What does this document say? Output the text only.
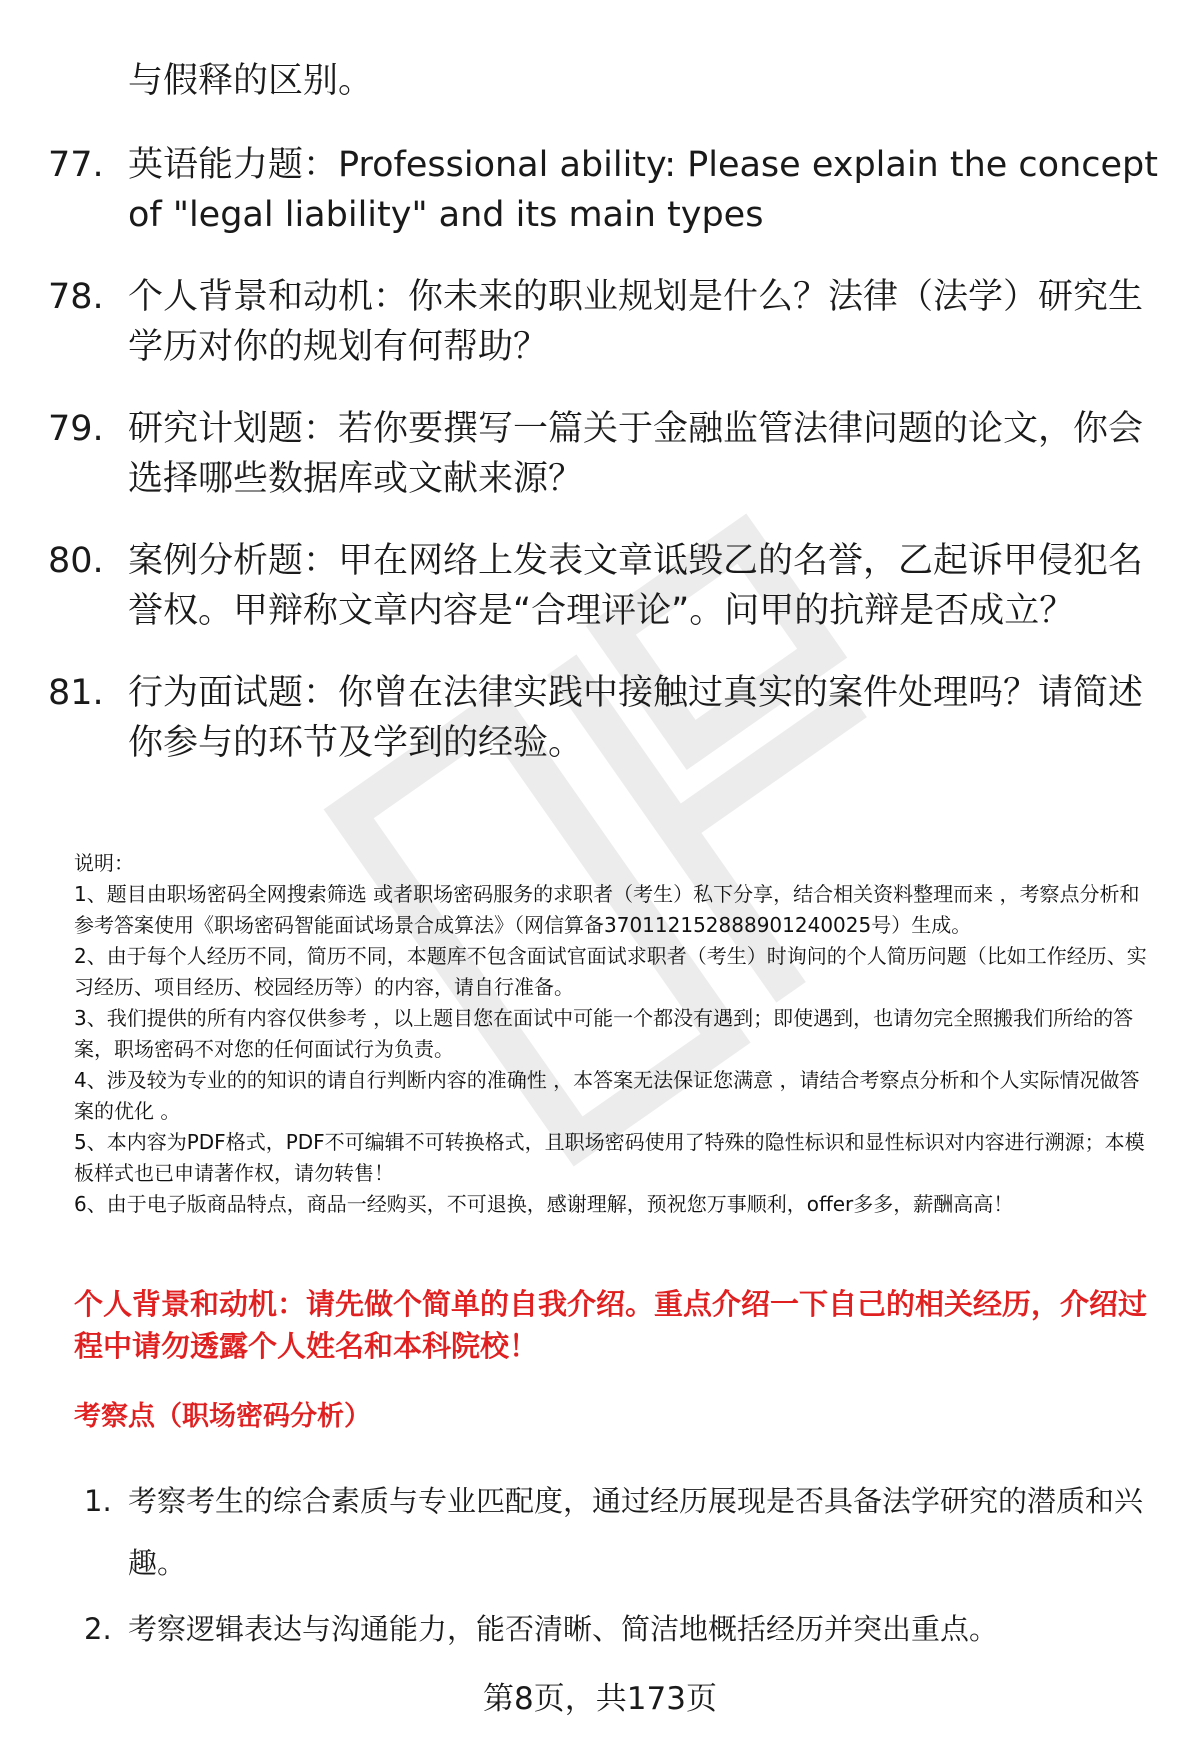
与假释的区别。
77. 英语能力题：Professional ability: Please explain the concept of "legal liability" and its main types
78. 个人背景和动机：你未来的职业规划是什么？法律（法学）研究生学历对你的规划有何帮助？
79. 研究计划题：若你要撰写一篇关于金融监管法律问题的论文，你会选择哪些数据库或文献来源？
80. 案例分析题：甲在网络上发表文章诋毁乙的名誉，乙起诉甲侵犯名誉权。甲辩称文章内容是“合理评论”。问甲的抗辩是否成立？
81. 行为面试题：你曾在法律实践中接触过真实的案件处理吗？请简述你参与的环节及学到的经验。

说明：

1、题目由职场密码全网搜索筛选 或者职场密码服务的求职者（考生）私下分享，结合相关资料整理而来 ，考察点分析和参考答案使用《职场密码智能面试场景合成算法》（网信算备370112152888901240025号）生成。

2、由于每个人经历不同，简历不同，本题库不包含面试官面试求职者（考生）时询问的个人简历问题（比如工作经历、实习经历、项目经历、校园经历等）的内容，请自行准备。

3、我们提供的所有内容仅供参考 ，以上题目您在面试中可能一个都没有遇到；即使遇到，也请勿完全照搬我们所给的答案，职场密码不对您的任何面试行为负责。

4、涉及较为专业的的知识的请自行判断内容的准确性 ，本答案无法保证您满意 ，请结合考察点分析和个人实际情况做答案的优化 。

5、本内容为PDF格式，PDF不可编辑不可转换格式，且职场密码使用了特殊的隐性标识和显性标识对内容进行溯源；本模板样式也已申请著作权，请勿转售！

6、由于电子版商品特点，商品一经购买，不可退换，感谢理解，预祝您万事顺利，offer多多，薪酬高高！

个人背景和动机：请先做个简单的自我介绍。重点介绍一下自己的相关经历，介绍过程中请勿透露个人姓名和本科院校！
考察点（职场密码分析）
1. 考察考生的综合素质与专业匹配度，通过经历展现是否具备法学研究的潜质和兴趣。
2. 考察逻辑表达与沟通能力，能否清晰、简洁地概括经历并突出重点。
第8页，共173页
